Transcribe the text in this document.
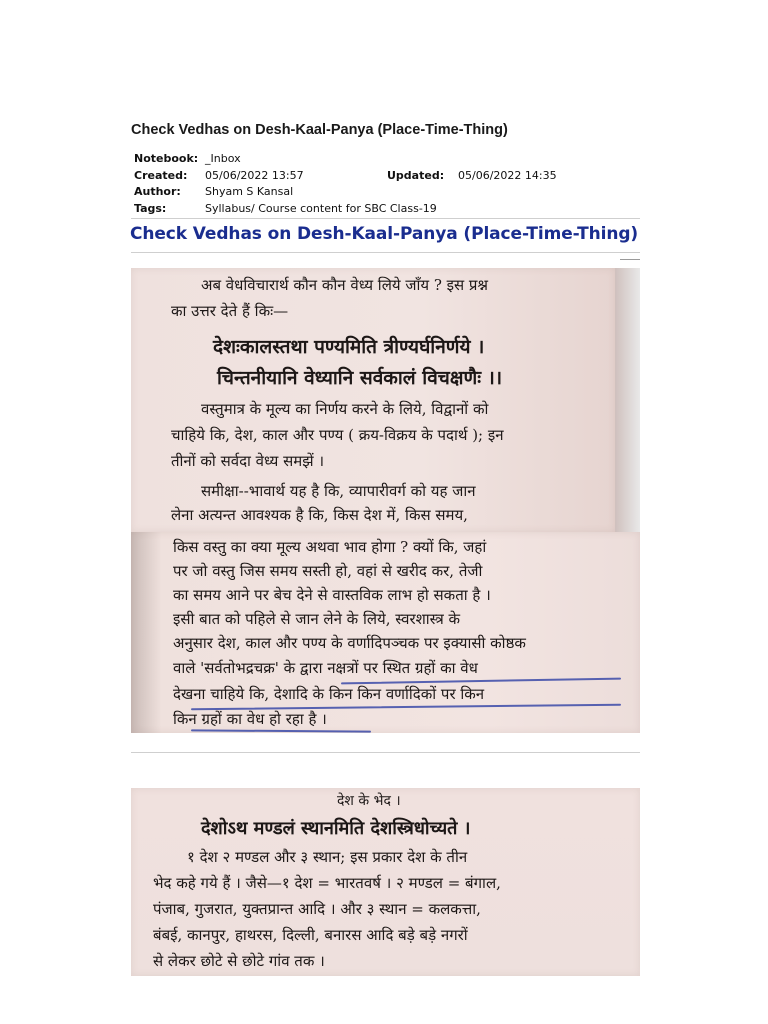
Check Vedhas on Desh-Kaal-Panya (Place-Time-Thing)
Notebook: _Inbox
Created: 05/06/2022 13:57	Updated: 05/06/2022 14:35
Author: Shyam S Kansal
Tags:	Syllabus/ Course content for SBC Class-19
Check Vedhas on Desh-Kaal-Panya (Place-Time-Thing)
अब वेधविचारार्थ कौन कौन वेध्य लिये जाँय ? इस प्रश्न
का उत्तर देते हैं किः—
देशःकालस्तथा पण्यमिति त्रीण्यर्घनिर्णये ।
चिन्तनीयानि वेध्यानि सर्वकालं विचक्षणैः ।।
वस्तुमात्र के मूल्य का निर्णय करने के लिये, विद्वानों को
चाहिये कि, देश, काल और पण्य ( क्रय-विक्रय के पदार्थ ); इन
तीनों को सर्वदा वेध्य समझें ।
समीक्षा--भावार्थ यह है कि, व्यापारीवर्ग को यह जान
लेना अत्यन्त आवश्यक है कि, किस देश में, किस समय,
किस वस्तु का क्या मूल्य अथवा भाव होगा ? क्यों कि, जहां
पर जो वस्तु जिस समय सस्ती हो, वहां से खरीद कर, तेजी
का समय आने पर बेच देने से वास्तविक लाभ हो सकता है ।
इसी बात को पहिले से जान लेने के लिये, स्वरशास्त्र के
अनुसार देश, काल और पण्य के वर्णादिपञ्चक पर इक्यासी कोष्ठक
वाले 'सर्वतोभद्रचक्र' के द्वारा नक्षत्रों पर स्थित ग्रहों का वेध
देखना चाहिये कि, देशादि के किन किन वर्णादिकों पर किन
किन ग्रहों का वेध हो रहा है ।
देश के भेद ।
देशोऽथ मण्डलं स्थानमिति देशस्त्रिधोच्यते ।
१ देश २ मण्डल और ३ स्थान; इस प्रकार देश के तीन
भेद कहे गये हैं । जैसे—१ देश = भारतवर्ष । २ मण्डल = बंगाल,
पंजाब, गुजरात, युक्तप्रान्त आदि । और ३ स्थान = कलकत्ता,
बंबई, कानपुर, हाथरस, दिल्ली, बनारस आदि बड़े बड़े नगरों
से लेकर छोटे से छोटे गांव तक ।
